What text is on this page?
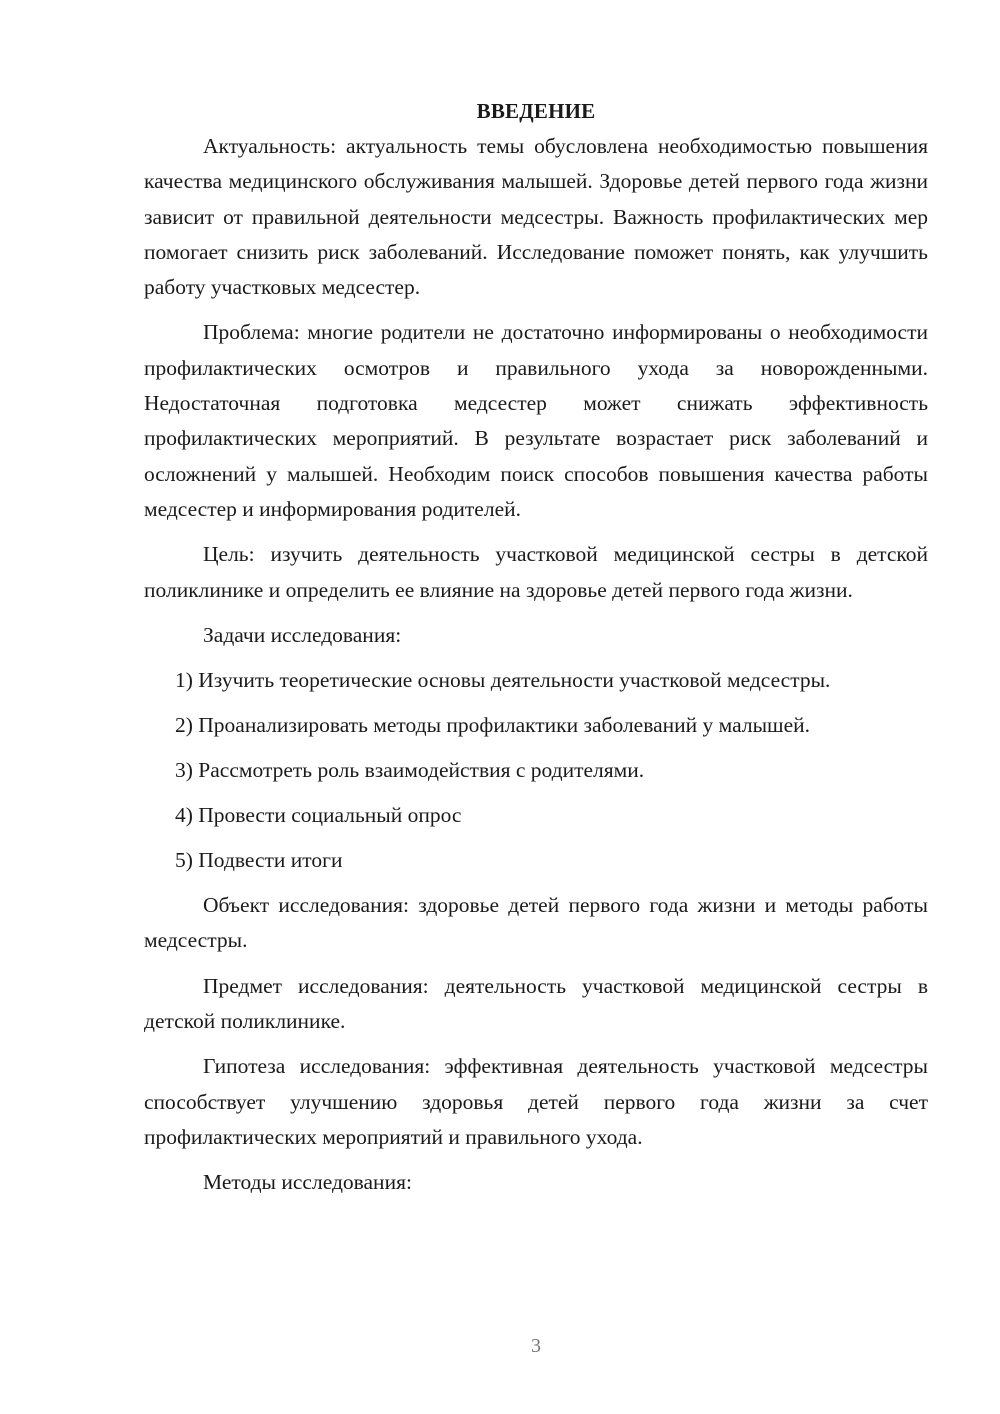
ВВЕДЕНИЕ

Актуальность: актуальность темы обусловлена необходимостью повышения качества медицинского обслуживания малышей. Здоровье детей первого года жизни зависит от правильной деятельности медсестры. Важность профилактических мер помогает снизить риск заболеваний. Исследование поможет понять, как улучшить работу участковых медсестер.

Проблема: многие родители не достаточно информированы о необходимости профилактических осмотров и правильного ухода за новорожденными. Недостаточная подготовка медсестер может снижать эффективность профилактических мероприятий. В результате возрастает риск заболеваний и осложнений у малышей. Необходим поиск способов повышения качества работы медсестер и информирования родителей.

Цель: изучить деятельность участковой медицинской сестры в детской поликлинике и определить ее влияние на здоровье детей первого года жизни.

Задачи исследования:

1) Изучить теоретические основы деятельности участковой медсестры.

2) Проанализировать методы профилактики заболеваний у малышей.

3) Рассмотреть роль взаимодействия с родителями.

4) Провести социальный опрос

5) Подвести итоги

Объект исследования: здоровье детей первого года жизни и методы работы медсестры.

Предмет исследования: деятельность участковой медицинской сестры в детской поликлинике.

Гипотеза исследования: эффективная деятельность участковой медсестры способствует улучшению здоровья детей первого года жизни за счет профилактических мероприятий и правильного ухода.

Методы исследования:

3
